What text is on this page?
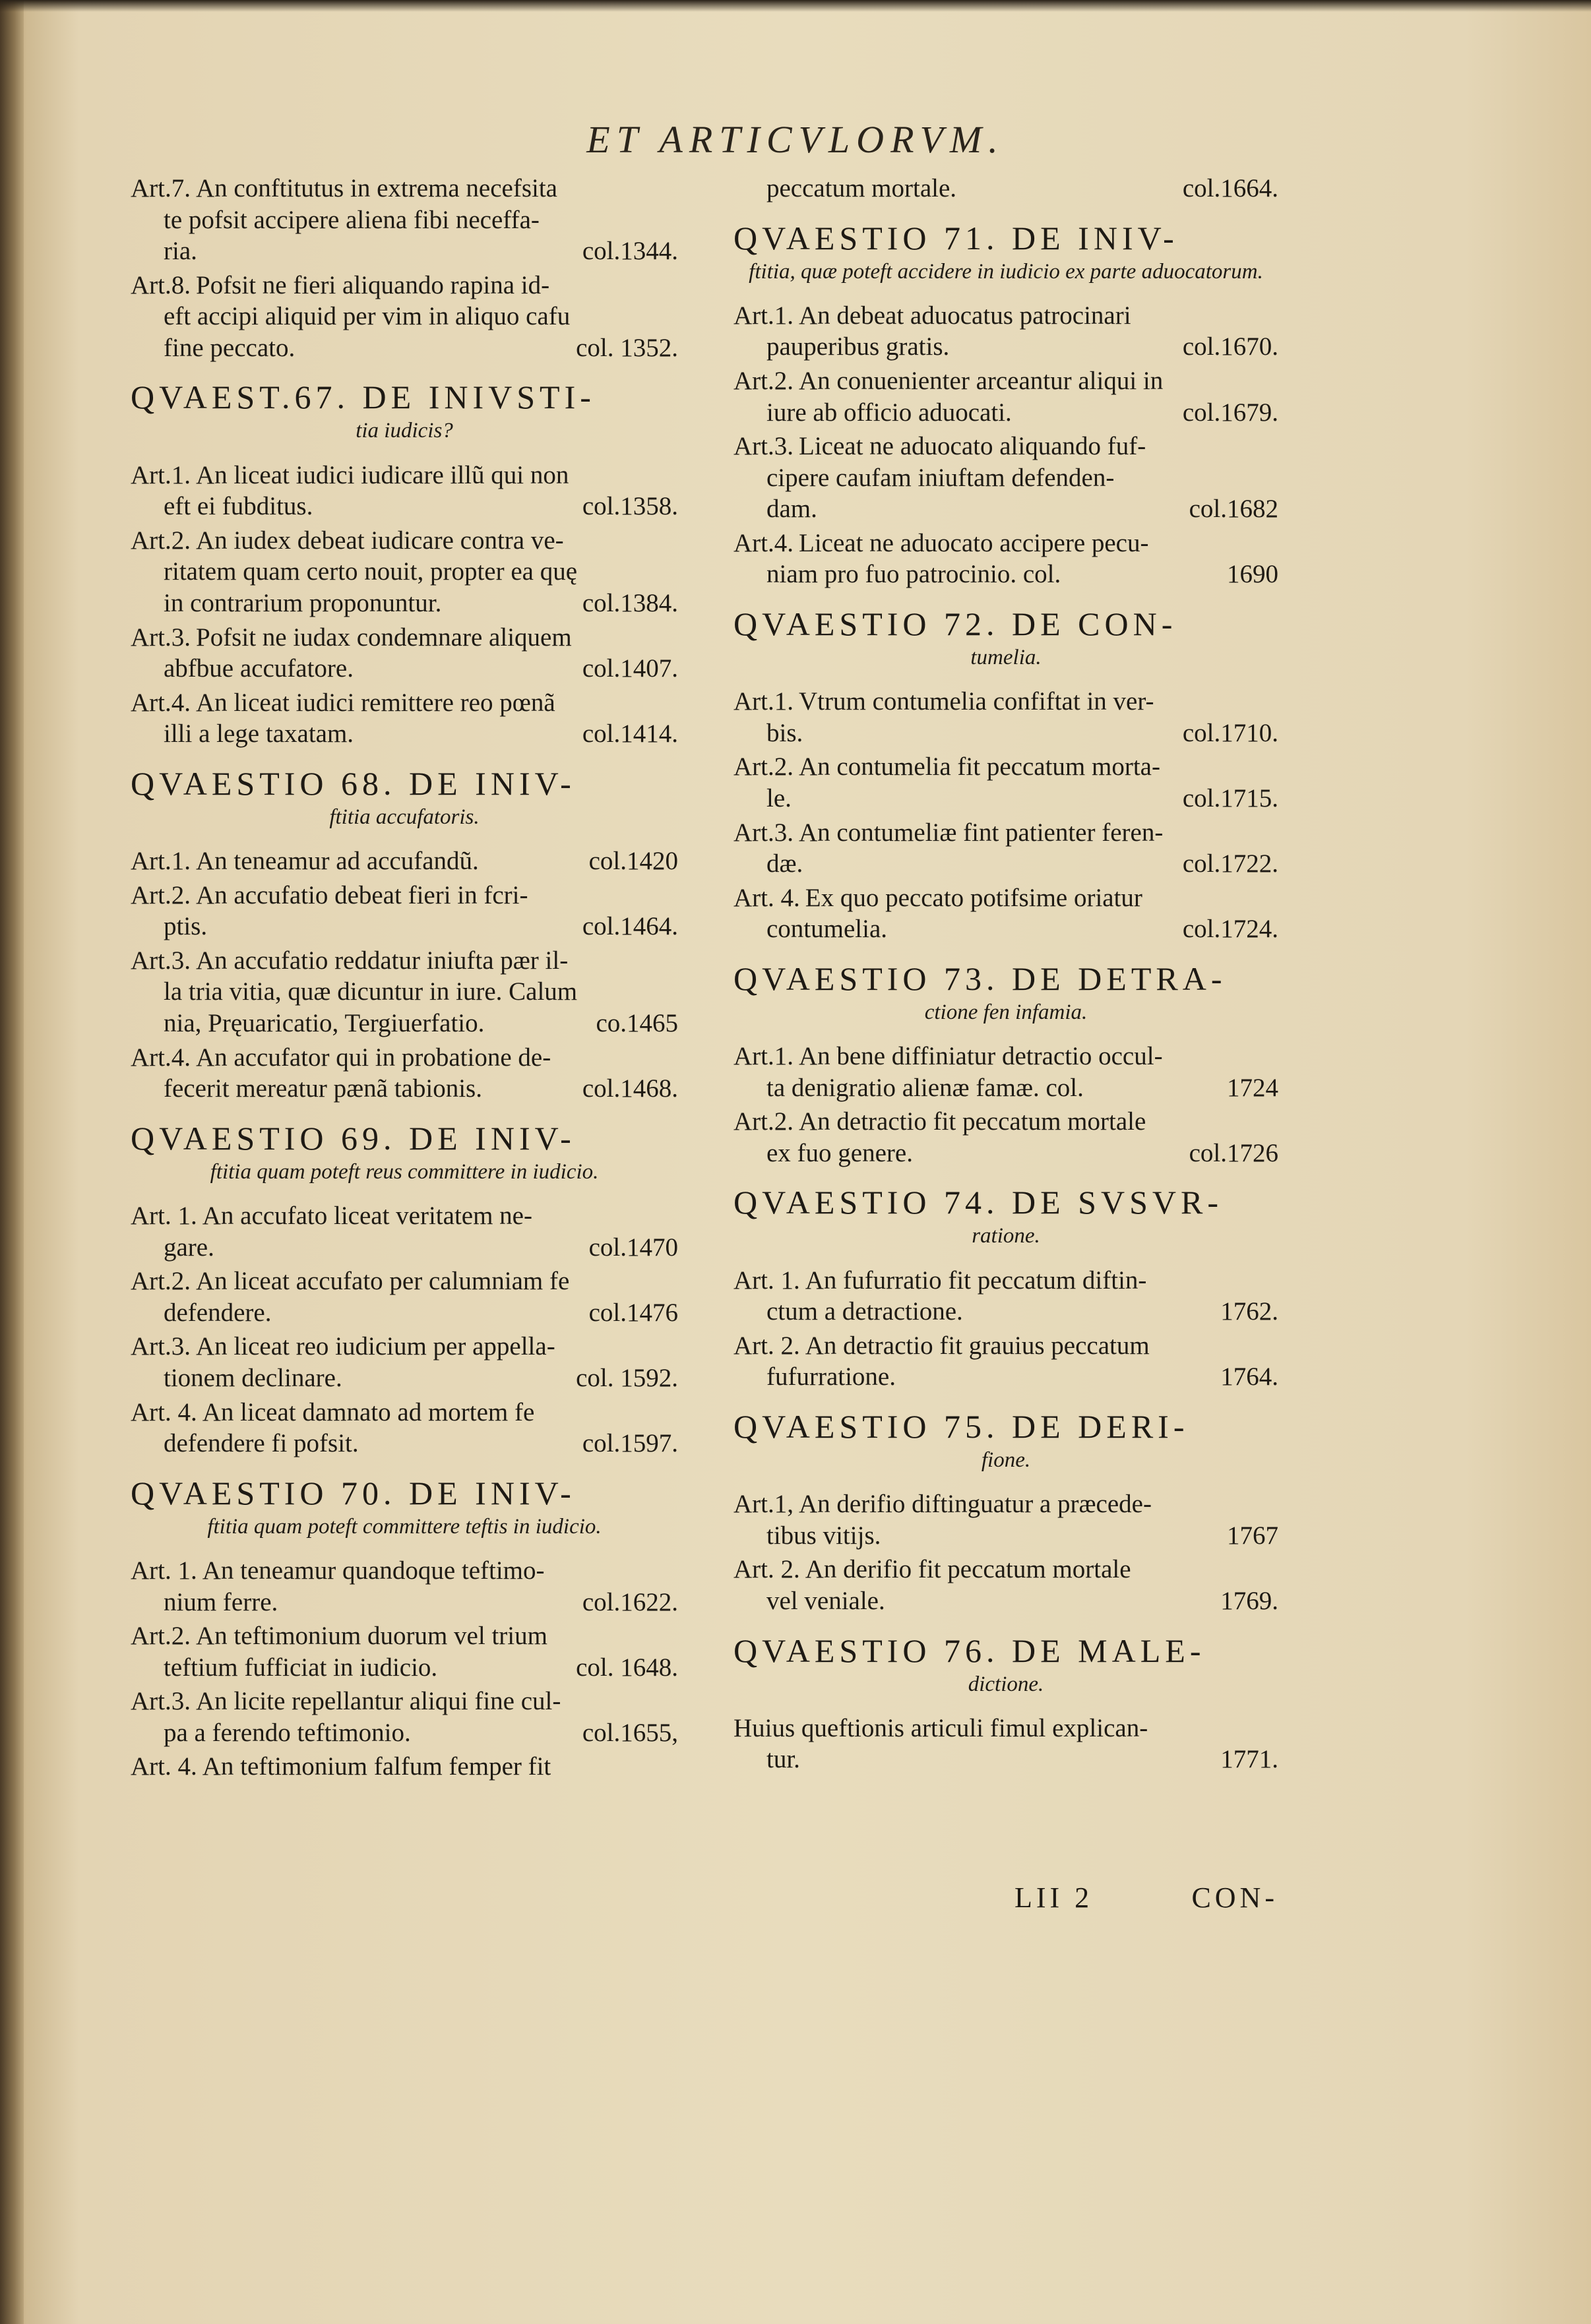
ET ARTICVLORVM.
Art.7. An conftitutus in extrema necefsita
te pofsit accipere aliena fibi neceffa-
ria.	col.1344.
Art.8. Pofsit ne fieri aliquando rapina id-
eft accipi aliquid per vim in aliquo cafu
fine peccato.	col. 1352.
QVAEST.67. DE INIVSTI-
tia iudicis?
Art.1. An liceat iudici iudicare illũ qui non
eft ei fubditus.	col.1358.
Art.2. An iudex debeat iudicare contra ve-
ritatem quam certo nouit, propter ea quę
in contrarium proponuntur.	col.1384.
Art.3. Pofsit ne iudax condemnare aliquem
abfbue accufatore.	col.1407.
Art.4. An liceat iudici remittere reo pœnã
illi a lege taxatam.	col.1414.
QVAESTIO 68. DE INIV-
ftitia accufatoris.
Art.1. An teneamur ad accufandũ.	col.1420
Art.2. An accufatio debeat fieri in fcri-
ptis.	col.1464.
Art.3. An accufatio reddatur iniufta pær il-
la tria vitia, quæ dicuntur in iure. Calum
nia, Pręuaricatio, Tergiuerfatio.	co.1465
Art.4. An accufator qui in probatione de-
fecerit mereatur pænã tabionis.	col.1468.
QVAESTIO 69. DE INIV-
ftitia quam poteft reus committere in iudicio.
Art. 1. An accufato liceat veritatem ne-
gare.	col.1470
Art.2. An liceat accufato per calumniam fe
defendere.	col.1476
Art.3. An liceat reo iudicium per appella-
tionem declinare.	col. 1592.
Art. 4. An liceat damnato ad mortem fe
defendere fi pofsit.	col.1597.
QVAESTIO 70. DE INIV-
ftitia quam poteft committere teftis in iudicio.
Art. 1. An teneamur quandoque teftimo-
nium ferre.	col.1622.
Art.2. An teftimonium duorum vel trium
teftium fufficiat in iudicio.	col. 1648.
Art.3. An licite repellantur aliqui fine cul-
pa a ferendo teftimonio.	col.1655,
Art. 4. An teftimonium falfum femper fit
peccatum mortale.	col.1664.
QVAESTIO 71. DE INIV-
ftitia, quæ poteft accidere in iudicio ex parte aduocatorum.
Art.1. An debeat aduocatus patrocinari
pauperibus gratis.	col.1670.
Art.2. An conuenienter arceantur aliqui in
iure ab officio aduocati.	col.1679.
Art.3. Liceat ne aduocato aliquando fuf-
cipere caufam iniuftam defenden-
dam.	col.1682
Art.4. Liceat ne aduocato accipere pecu-
niam pro fuo patrocinio. col.	1690
QVAESTIO 72. DE CON-
tumelia.
Art.1. Vtrum contumelia confiftat in ver-
bis.	col.1710.
Art.2. An contumelia fit peccatum morta-
le.	col.1715.
Art.3. An contumeliæ fint patienter feren-
dæ.	col.1722.
Art. 4. Ex quo peccato potifsime oriatur
contumelia.	col.1724.
QVAESTIO 73. DE DETRA-
ctione fen infamia.
Art.1. An bene diffiniatur detractio occul-
ta denigratio alienæ famæ. col.	1724
Art.2. An detractio fit peccatum mortale
ex fuo genere.	col.1726
QVAESTIO 74. DE SVSVR-
ratione.
Art. 1. An fufurratio fit peccatum diftin-
ctum a detractione.	1762.
Art. 2. An detractio fit grauius peccatum
fufurratione.	1764.
QVAESTIO 75. DE DERI-
fione.
Art.1, An derifio diftinguatur a præcede-
tibus vitijs.	1767
Art. 2. An derifio fit peccatum mortale
vel veniale.	1769.
QVAESTIO 76. DE MALE-
dictione.
Huius queftionis articuli fimul explican-
tur.	1771.
LII 2	CON-
